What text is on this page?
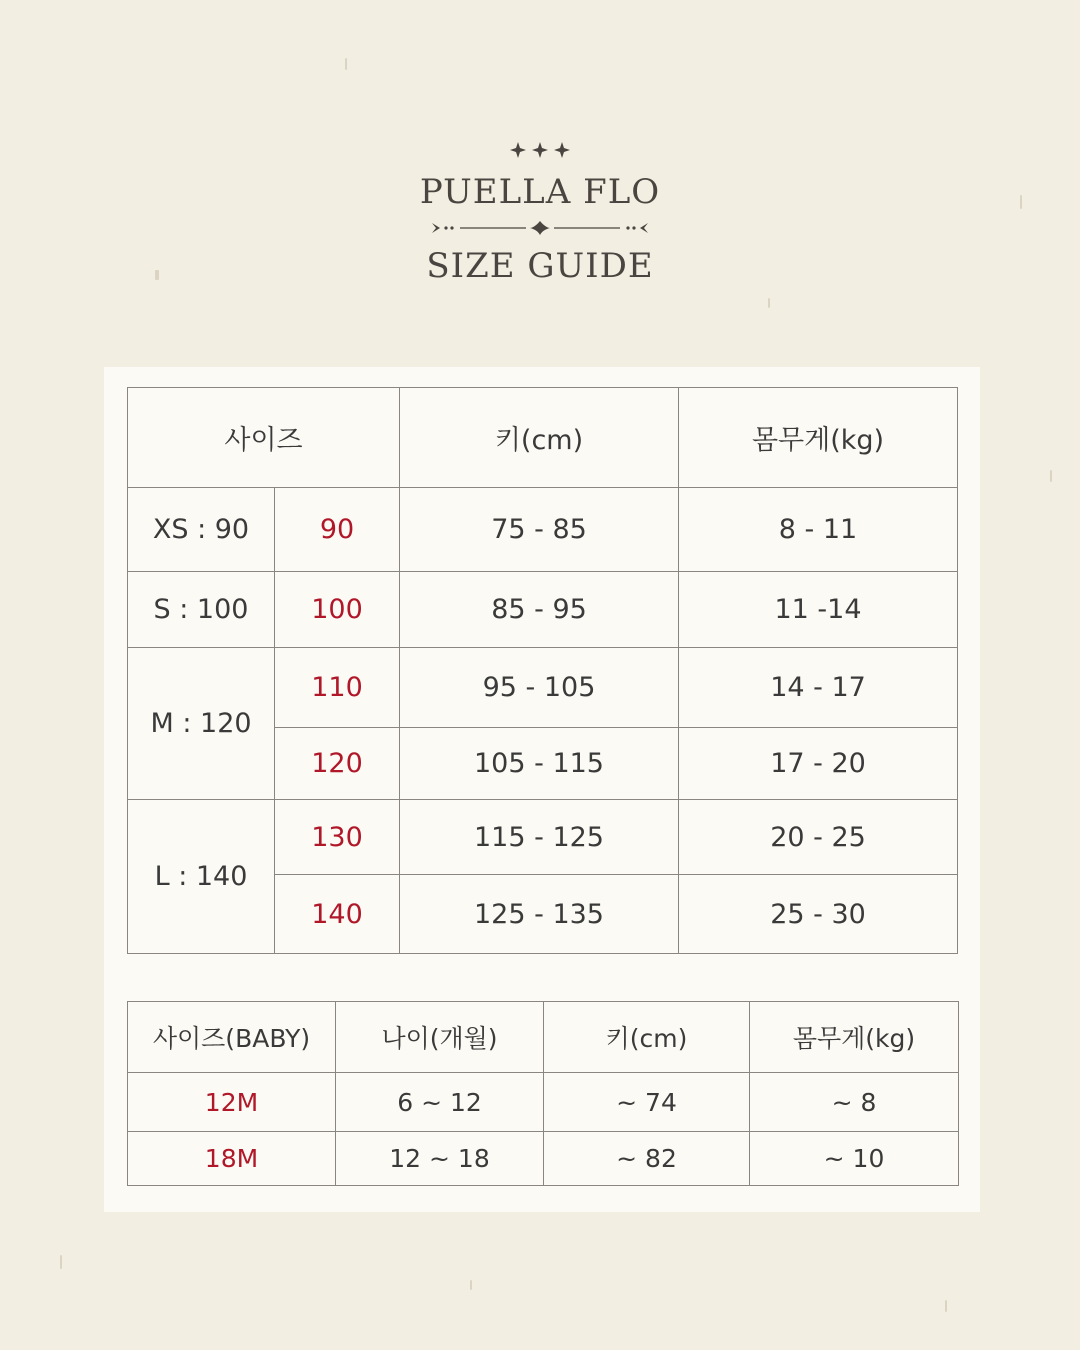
PUELLA FLO
SIZE GUIDE
사이즈		키(cm)	몸무게(kg)
XS : 90	90	75 - 85	8 - 11
S : 100	100	85 - 95	11 -14
M : 120	110	95 - 105	14 - 17
	120	105 - 115	17 - 20
L : 140	130	115 - 125	20 - 25
	140	125 - 135	25 - 30
사이즈(BABY)	나이(개월)	키(cm)	몸무게(kg)
12M	6 ~ 12	~ 74	~ 8
18M	12 ~ 18	~ 82	~ 10
